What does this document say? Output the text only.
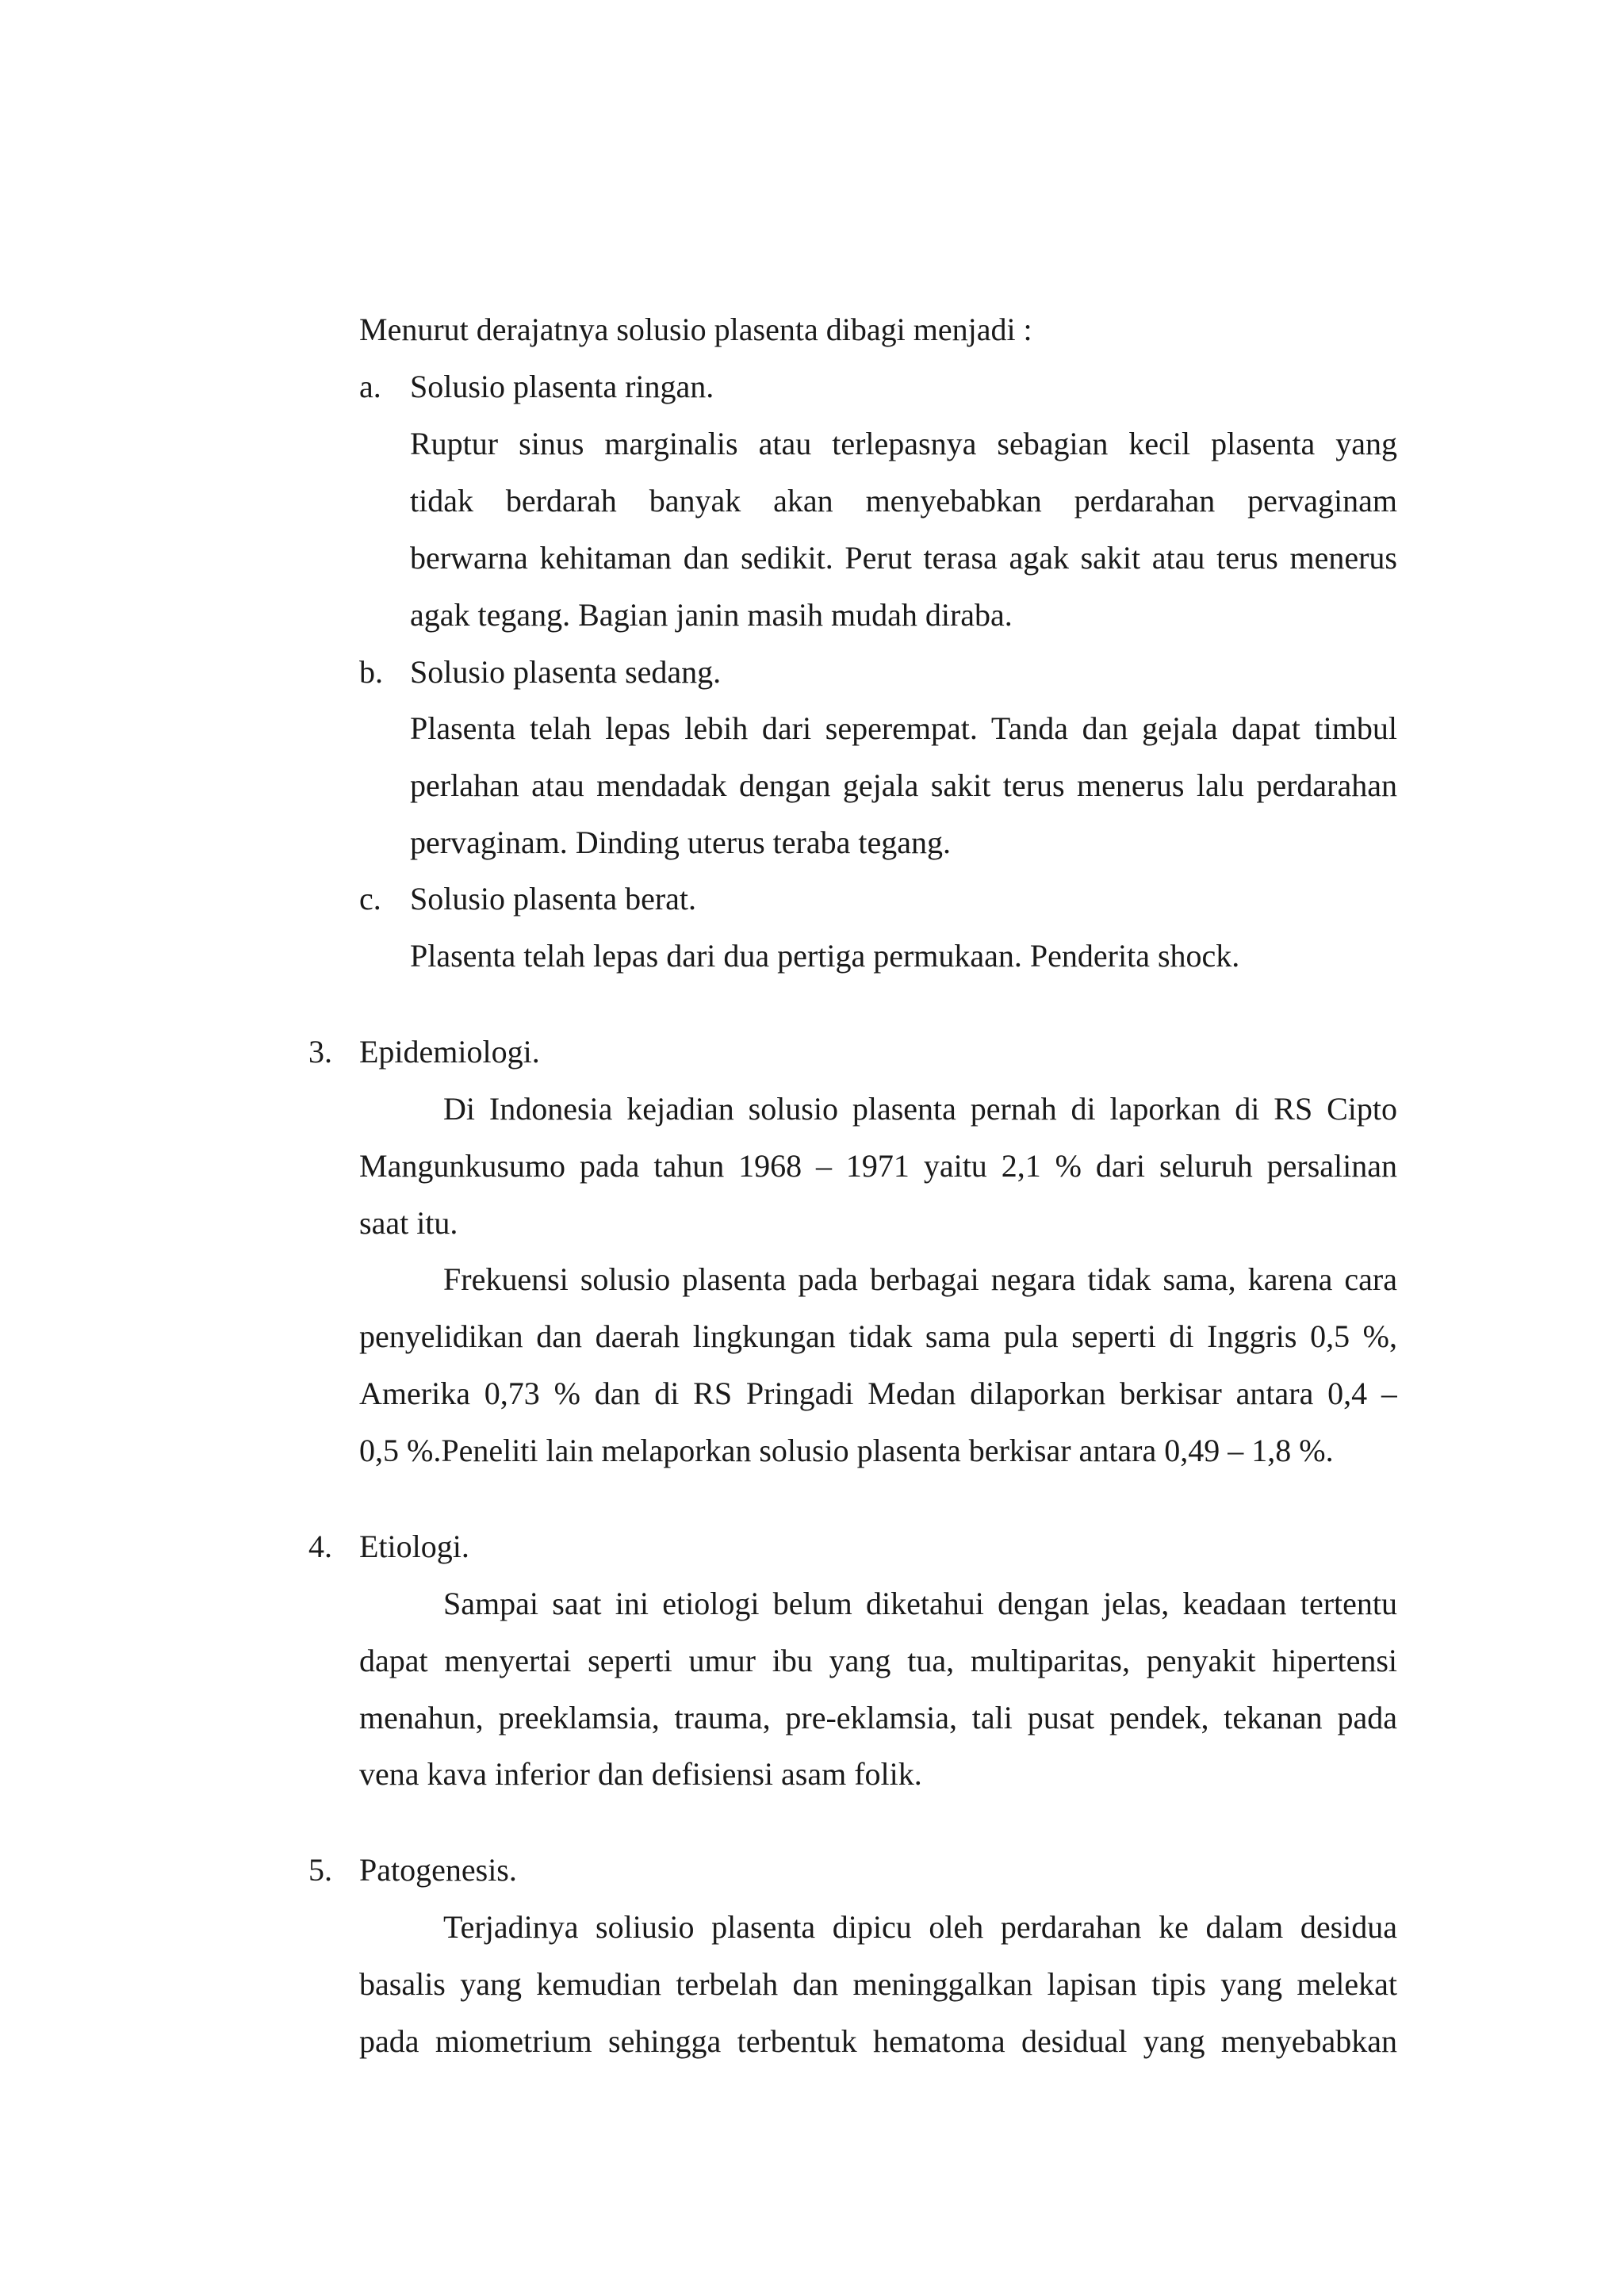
Menurut derajatnya solusio plasenta dibagi menjadi :
a. Solusio plasenta ringan.
Ruptur sinus marginalis atau terlepasnya sebagian kecil plasenta yang
tidak berdarah banyak akan menyebabkan perdarahan pervaginam
berwarna kehitaman dan sedikit. Perut terasa agak sakit atau terus menerus
agak tegang. Bagian janin masih mudah diraba.
b. Solusio plasenta sedang.
Plasenta telah lepas lebih dari seperempat. Tanda dan gejala dapat timbul
perlahan atau mendadak dengan gejala sakit terus menerus lalu perdarahan
pervaginam. Dinding uterus teraba tegang.
c. Solusio plasenta berat.
Plasenta telah lepas dari dua pertiga permukaan. Penderita shock.
3. Epidemiologi.
Di Indonesia kejadian solusio plasenta pernah di laporkan di RS Cipto
Mangunkusumo pada tahun 1968 – 1971 yaitu 2,1 % dari seluruh persalinan
saat itu.
Frekuensi solusio plasenta pada berbagai negara tidak sama, karena cara
penyelidikan dan daerah lingkungan tidak sama pula seperti di Inggris 0,5 %,
Amerika 0,73 % dan di RS Pringadi Medan dilaporkan berkisar antara 0,4 –
0,5 %.Peneliti lain melaporkan solusio plasenta berkisar antara 0,49 – 1,8 %.
4. Etiologi.
Sampai saat ini etiologi belum diketahui dengan jelas, keadaan tertentu
dapat menyertai seperti umur ibu yang tua, multiparitas, penyakit hipertensi
menahun, preeklamsia, trauma, pre-eklamsia, tali pusat pendek, tekanan pada
vena kava inferior dan defisiensi asam folik.
5. Patogenesis.
Terjadinya soliusio plasenta dipicu oleh perdarahan ke dalam desidua
basalis yang kemudian terbelah dan meninggalkan lapisan tipis yang melekat
pada miometrium sehingga terbentuk hematoma desidual yang menyebabkan
